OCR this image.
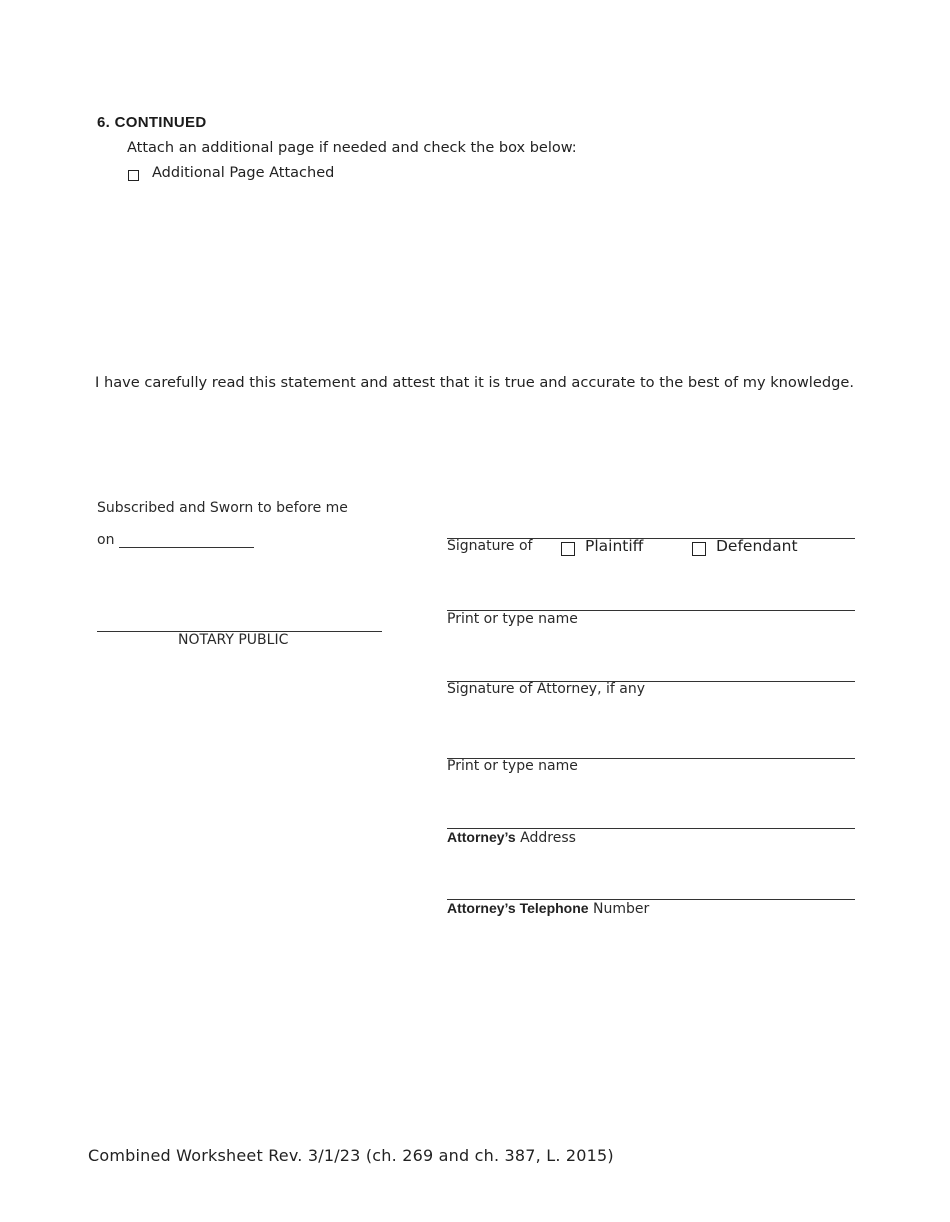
6. CONTINUED
Attach an additional page if needed and check the box below:
Additional Page Attached
I have carefully read this statement and attest that it is true and accurate to the best of my knowledge.
Subscribed and Sworn to before me
on
NOTARY PUBLIC
Signature of	Plaintiff	Defendant
Print or type name
Signature of Attorney, if any
Print or type name
Attorney’s Address
Attorney’s Telephone Number
Combined Worksheet Rev. 3/1/23 (ch. 269 and ch. 387, L. 2015)
